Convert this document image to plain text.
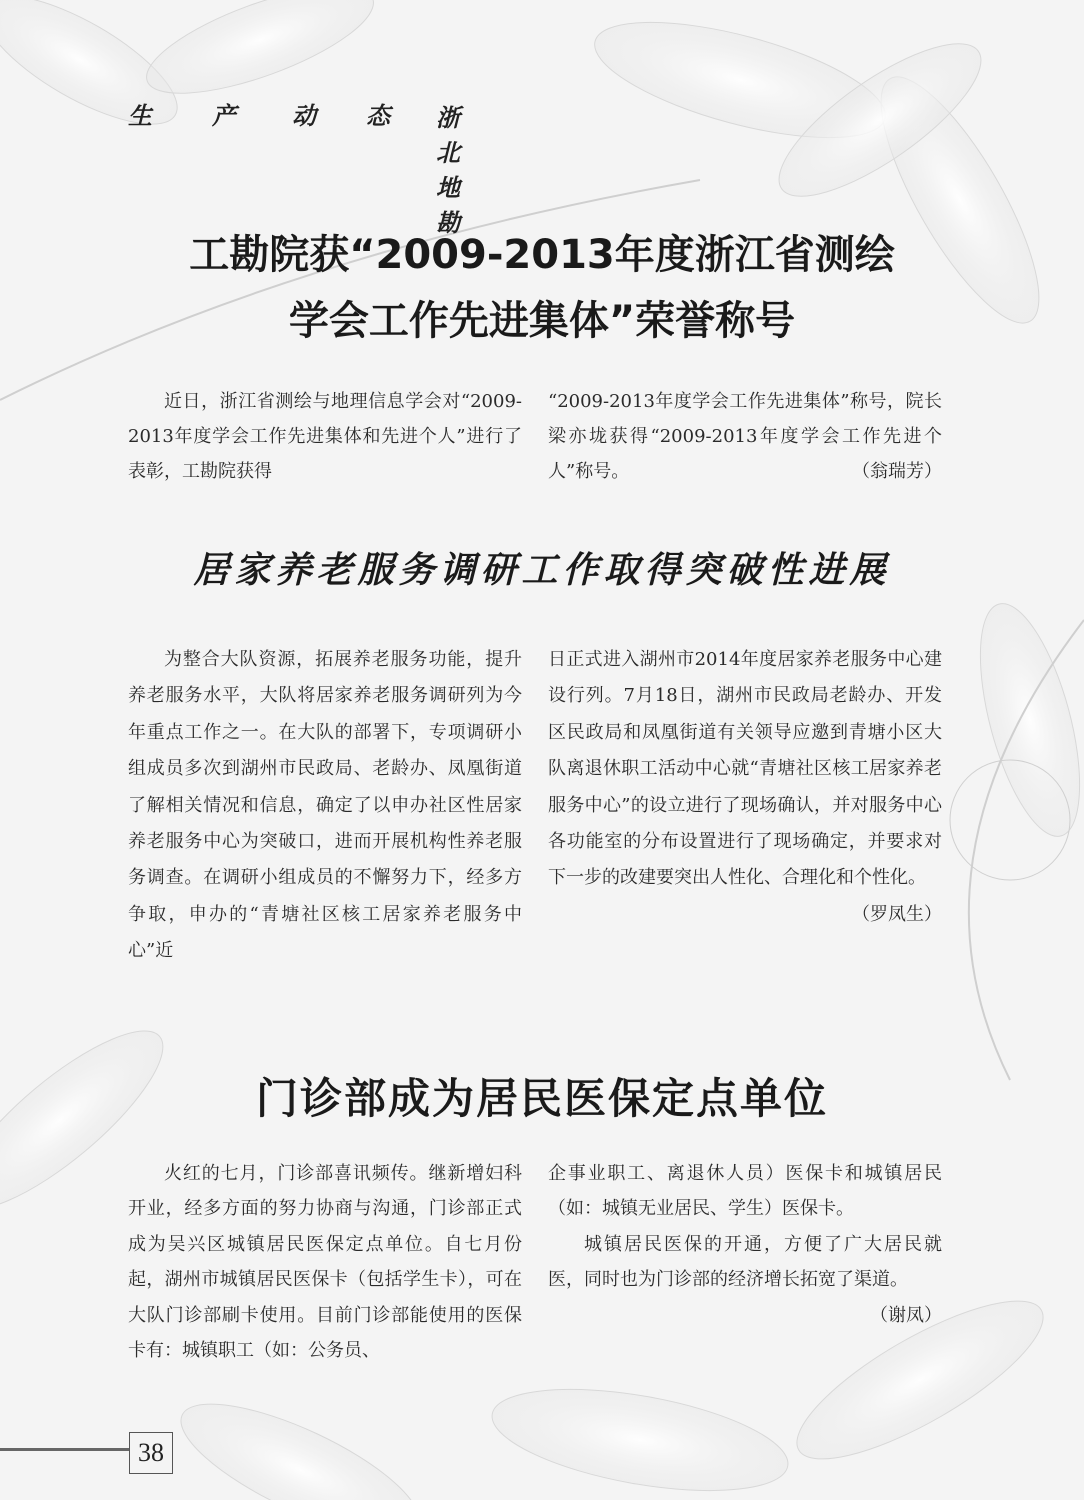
生	产 动 态 浙北地勘
工勘院获“2009-2013年度浙江省测绘
学会工作先进集体”荣誉称号

近日，浙江省测绘与地理信息学会对“2009-2013年度学会工作先进集体和先进个人”进行了表彰，工勘院获得

“2009-2013年度学会工作先进集体”称号，院长梁亦垅获得“2009-2013年度学会工作先进个人”称号。	（翁瑞芳）

居家养老服务调研工作取得突破性进展

为整合大队资源，拓展养老服务功能，提升养老服务水平，大队将居家养老服务调研列为今年重点工作之一。在大队的部署下，专项调研小组成员多次到湖州市民政局、老龄办、凤凰街道了解相关情况和信息，确定了以申办社区性居家养老服务中心为突破口，进而开展机构性养老服务调查。在调研小组成员的不懈努力下，经多方争取，申办的“青塘社区核工居家养老服务中心”近

日正式进入湖州市2014年度居家养老服务中心建设行列。7月18日，湖州市民政局老龄办、开发区民政局和凤凰街道有关领导应邀到青塘小区大队离退休职工活动中心就“青塘社区核工居家养老服务中心”的设立进行了现场确认，并对服务中心各功能室的分布设置进行了现场确定，并要求对下一步的改建要突出人性化、合理化和个性化。
（罗凤生）

门诊部成为居民医保定点单位

火红的七月，门诊部喜讯频传。继新增妇科开业，经多方面的努力协商与沟通，门诊部正式成为吴兴区城镇居民医保定点单位。自七月份起，湖州市城镇居民医保卡（包括学生卡），可在大队门诊部刷卡使用。目前门诊部能使用的医保卡有：城镇职工（如：公务员、

企事业职工、离退休人员）医保卡和城镇居民（如：城镇无业居民、学生）医保卡。

城镇居民医保的开通，方便了广大居民就医，同时也为门诊部的经济增长拓宽了渠道。
（谢凤）

38
